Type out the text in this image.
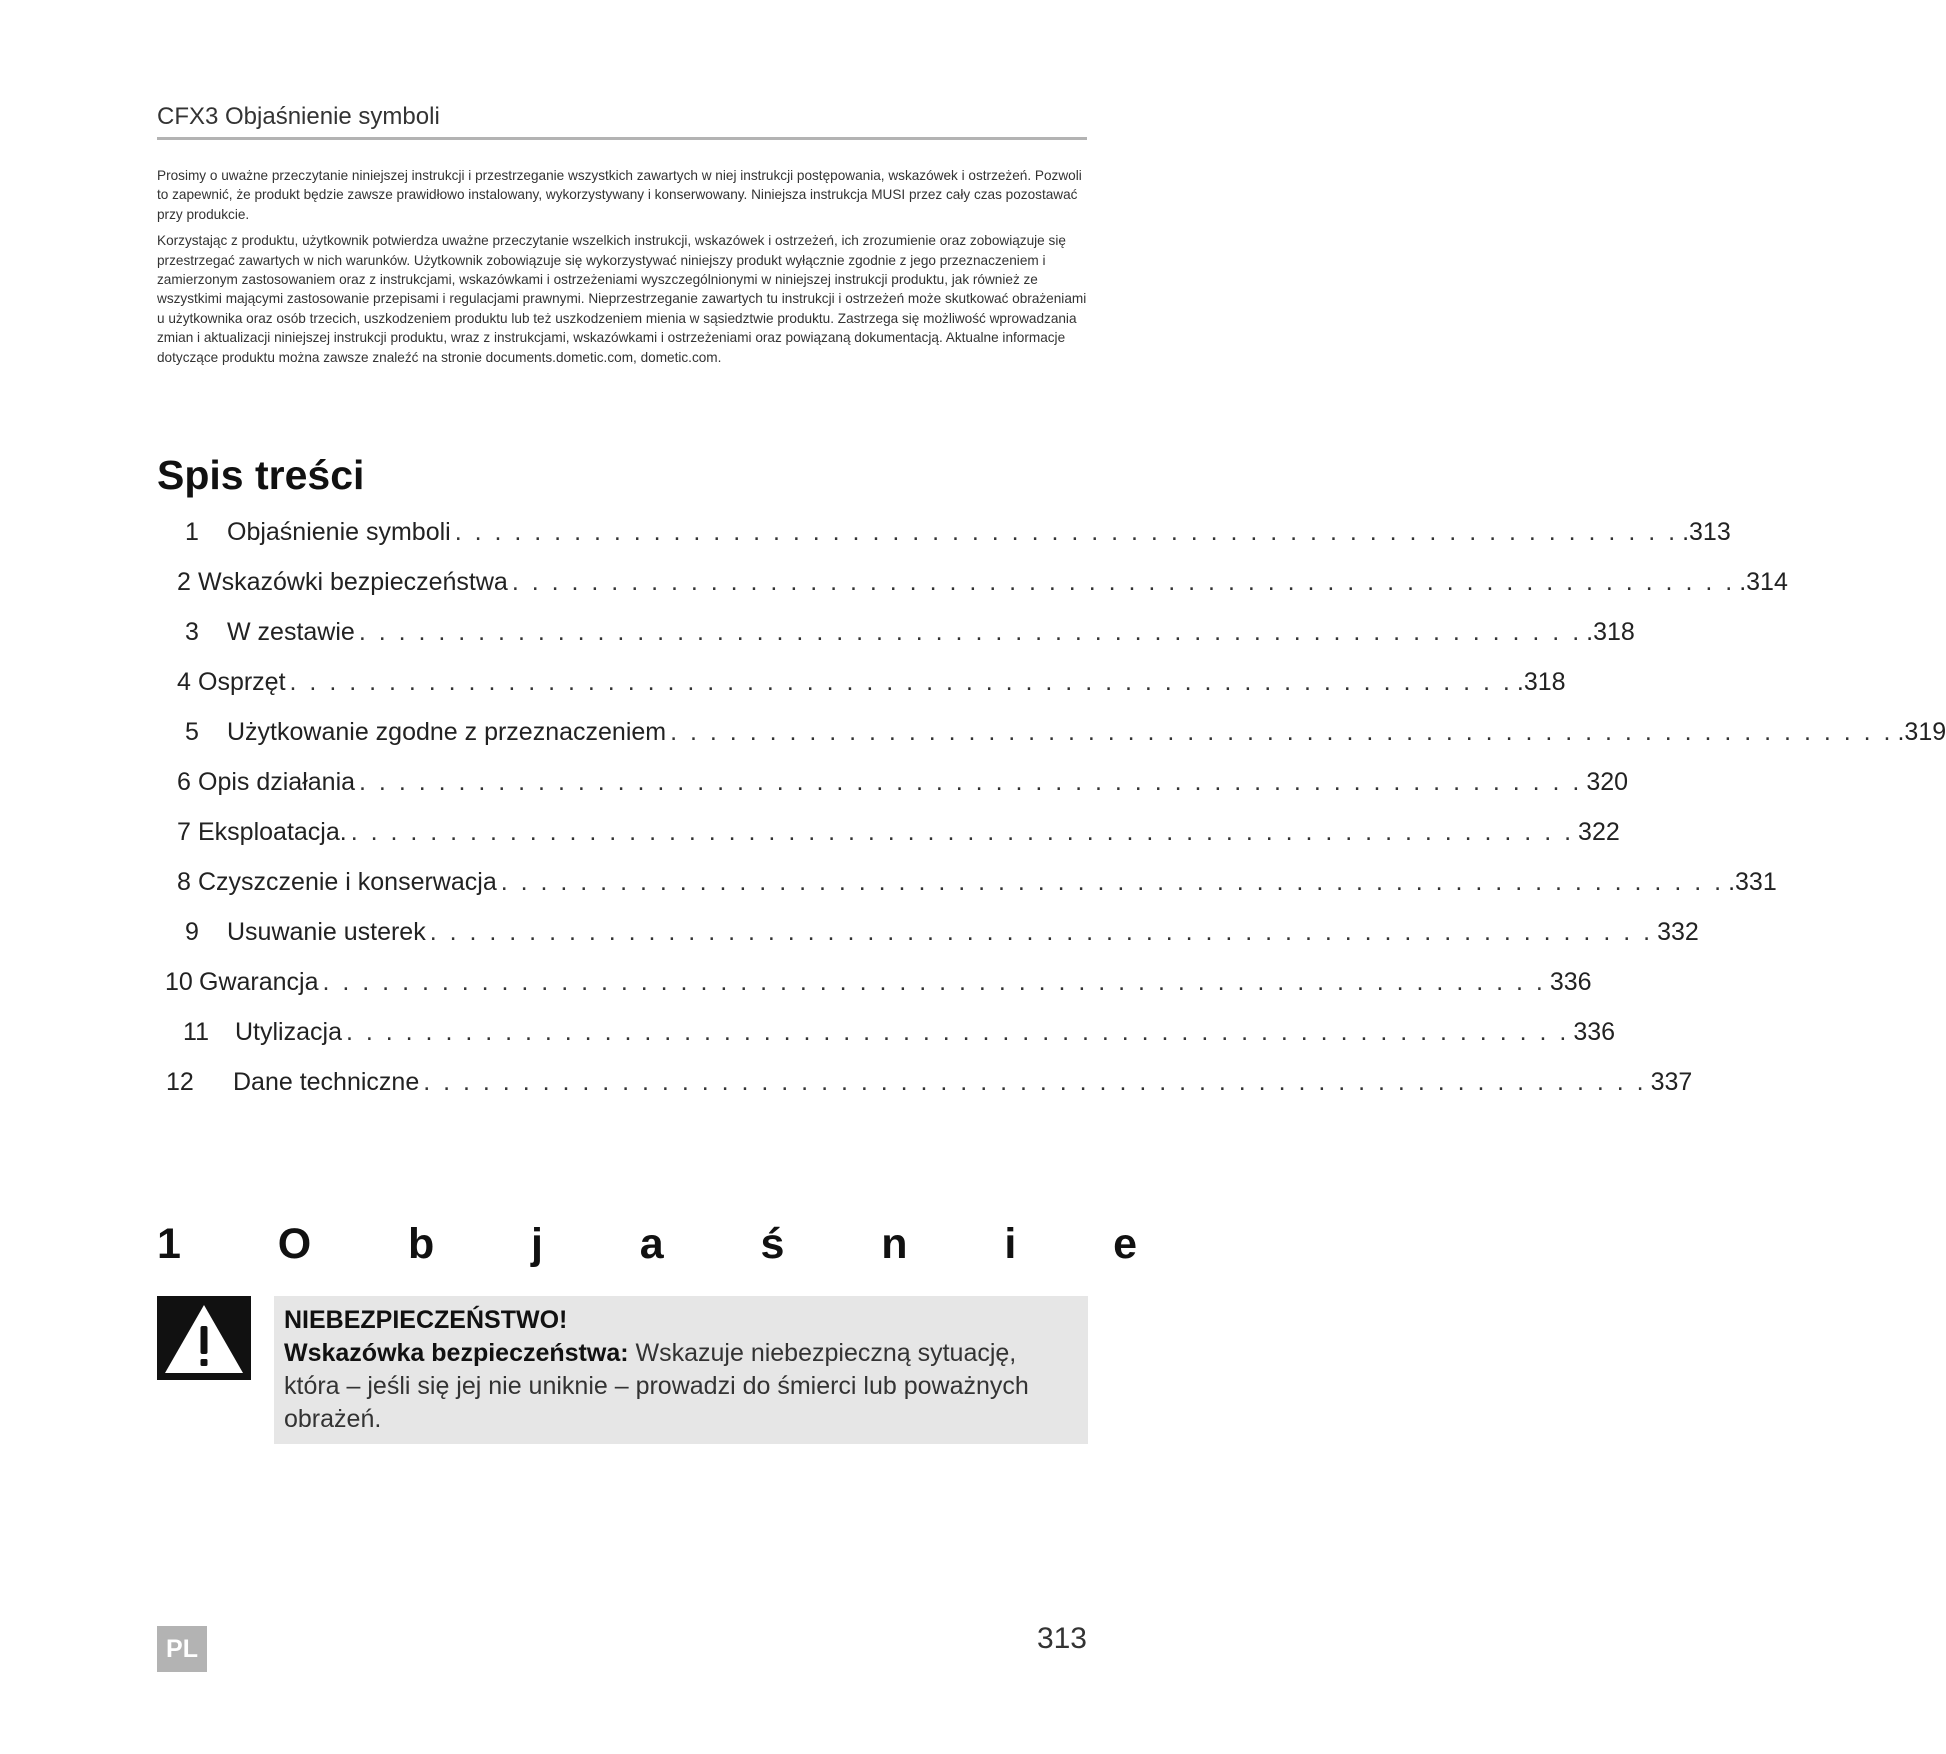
CFX3 Objaśnienie symboli

Prosimy o uważne przeczytanie niniejszej instrukcji i przestrzeganie wszystkich zawartych w niej instrukcji postępowania, wskazówek i ostrzeżeń. Pozwoli to zapewnić, że produkt będzie zawsze prawidłowo instalowany, wykorzystywany i konserwowany. Niniejsza instrukcja MUSI przez cały czas pozostawać przy produkcie.

Korzystając z produktu, użytkownik potwierdza uważne przeczytanie wszelkich instrukcji, wskazówek i ostrzeżeń, ich zrozumienie oraz zobowiązuje się przestrzegać zawartych w nich warunków. Użytkownik zobowiązuje się wykorzystywać niniejszy produkt wyłącznie zgodnie z jego przeznaczeniem i zamierzonym zastosowaniem oraz z instrukcjami, wskazówkami i ostrzeżeniami wyszczególnionymi w niniejszej instrukcji produktu, jak również ze wszystkimi mającymi zastosowanie przepisami i regulacjami prawnymi. Nieprzestrzeganie zawartych tu instrukcji i ostrzeżeń może skutkować obrażeniami u użytkownika oraz osób trzecich, uszkodzeniem produktu lub też uszkodzeniem mienia w sąsiedztwie produktu. Zastrzega się możliwość wprowadzania zmian i aktualizacji niniejszej instrukcji produktu, wraz z instrukcjami, wskazówkami i ostrzeżeniami oraz powiązaną dokumentacją. Aktualne informacje dotyczące produktu można zawsze znaleźć na stronie documents.dometic.com, dometic.com.

Spis treści
1	Objaśnienie symboli . . . . . . . . . . . . . . . . . . . . . . . . . . . . . . . . . . . . . . . . . . . . . . . . . . . . . . . . . . . . . . .313
2 Wskazówki bezpieczeństwa . . . . . . . . . . . . . . . . . . . . . . . . . . . . . . . . . . . . . . . . . . . . . . . . . . . . . . . . . . . . . . .314
3	W zestawie . . . . . . . . . . . . . . . . . . . . . . . . . . . . . . . . . . . . . . . . . . . . . . . . . . . . . . . . . . . . . . .318
4 Osprzęt . . . . . . . . . . . . . . . . . . . . . . . . . . . . . . . . . . . . . . . . . . . . . . . . . . . . . . . . . . . . . . .318
5	Użytkowanie zgodne z przeznaczeniem . . . . . . . . . . . . . . . . . . . . . . . . . . . . . . . . . . . . . . . . . . . . . . . . . . . . . . . . . . . . . . .319
6 Opis działania . . . . . . . . . . . . . . . . . . . . . . . . . . . . . . . . . . . . . . . . . . . . . . . . . . . . . . . . . . . . . . 320
7 Eksploatacja. . . . . . . . . . . . . . . . . . . . . . . . . . . . . . . . . . . . . . . . . . . . . . . . . . . . . . . . . . . . . . . 322
8 Czyszczenie i konserwacja . . . . . . . . . . . . . . . . . . . . . . . . . . . . . . . . . . . . . . . . . . . . . . . . . . . . . . . . . . . . . . .331
9	Usuwanie usterek . . . . . . . . . . . . . . . . . . . . . . . . . . . . . . . . . . . . . . . . . . . . . . . . . . . . . . . . . . . . . . 332
10 Gwarancja . . . . . . . . . . . . . . . . . . . . . . . . . . . . . . . . . . . . . . . . . . . . . . . . . . . . . . . . . . . . . . 336
11	Utylizacja . . . . . . . . . . . . . . . . . . . . . . . . . . . . . . . . . . . . . . . . . . . . . . . . . . . . . . . . . . . . . . 336
12	Dane techniczne . . . . . . . . . . . . . . . . . . . . . . . . . . . . . . . . . . . . . . . . . . . . . . . . . . . . . . . . . . . . . . 337
1 O b j a ś n i e
NIEBEZPIECZEŃSTWO!
Wskazówka bezpieczeństwa: Wskazuje niebezpieczną sytuację, która – jeśli się jej nie uniknie – prowadzi do śmierci lub poważnych obrażeń.
PL	313
